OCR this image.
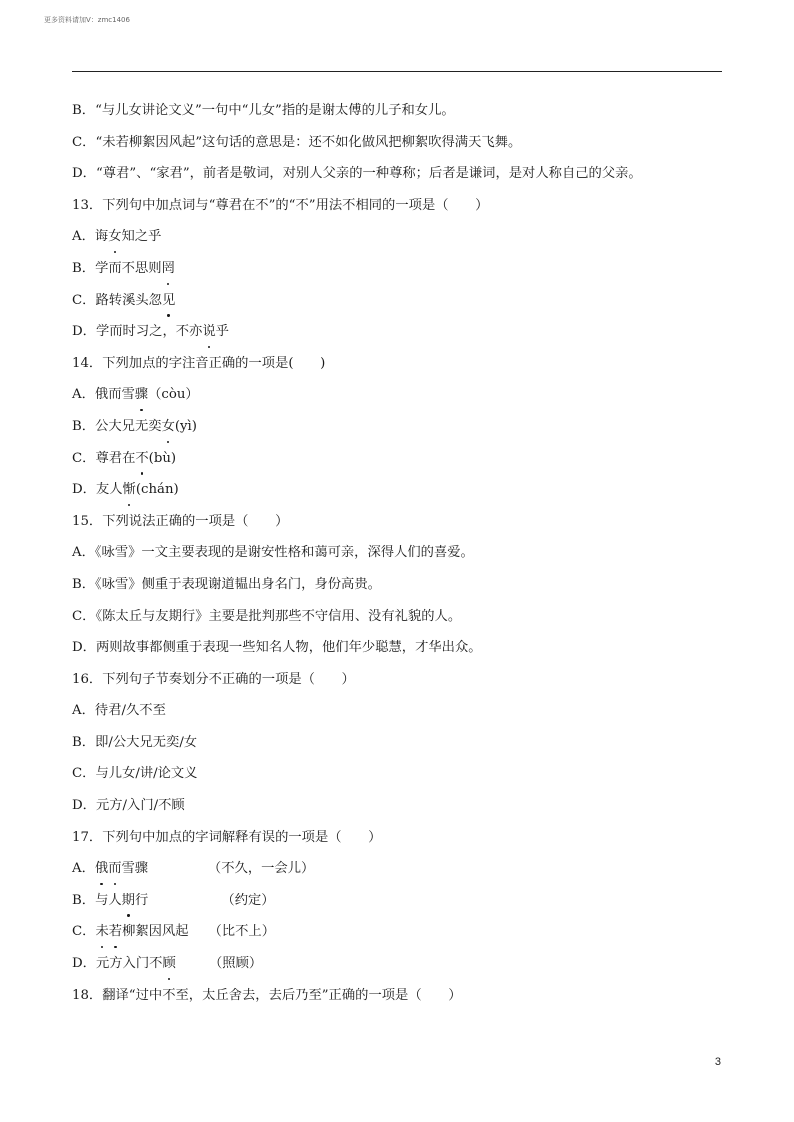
更多资料请加V：zmc1406
B．“与儿女讲论文义”一句中“儿女”指的是谢太傅的儿子和女儿。
C．“未若柳絮因风起”这句话的意思是：还不如化做风把柳絮吹得满天飞舞。
D．“尊君”、“家君”，前者是敬词，对别人父亲的一种尊称；后者是谦词，是对人称自己的父亲。
13．下列句中加点词与“尊君在不”的“不”用法不相同的一项是（　　）
A．诲女知之乎
B．学而不思则罔
C．路转溪头忽见
D．学而时习之，不亦说乎
14．下列加点的字注音正确的一项是(　　)
A．俄而雪骤（còu）
B．公大兄无奕女(yì)
C．尊君在不(bù)
D．友人惭(chán)
15．下列说法正确的一项是（　　）
A．《咏雪》一文主要表现的是谢安性格和蔼可亲，深得人们的喜爱。
B．《咏雪》侧重于表现谢道韫出身名门，身份高贵。
C．《陈太丘与友期行》主要是批判那些不守信用、没有礼貌的人。
D．两则故事都侧重于表现一些知名人物，他们年少聪慧，才华出众。
16．下列句子节奏划分不正确的一项是（　　）
A．待君/久不至
B．即/公大兄无奕/女
C．与儿女/讲/论文义
D．元方/入门/不顾
17．下列句中加点的字词解释有误的一项是（　　）
A．俄而雪骤　　　　　（不久，一会儿）
B．与人期行　　　　　　（约定）
C．未若柳絮因风起　　（比不上）
D．元方入门不顾　　　（照顾）
18．翻译“过中不至，太丘舍去，去后乃至”正确的一项是（　　）
3
